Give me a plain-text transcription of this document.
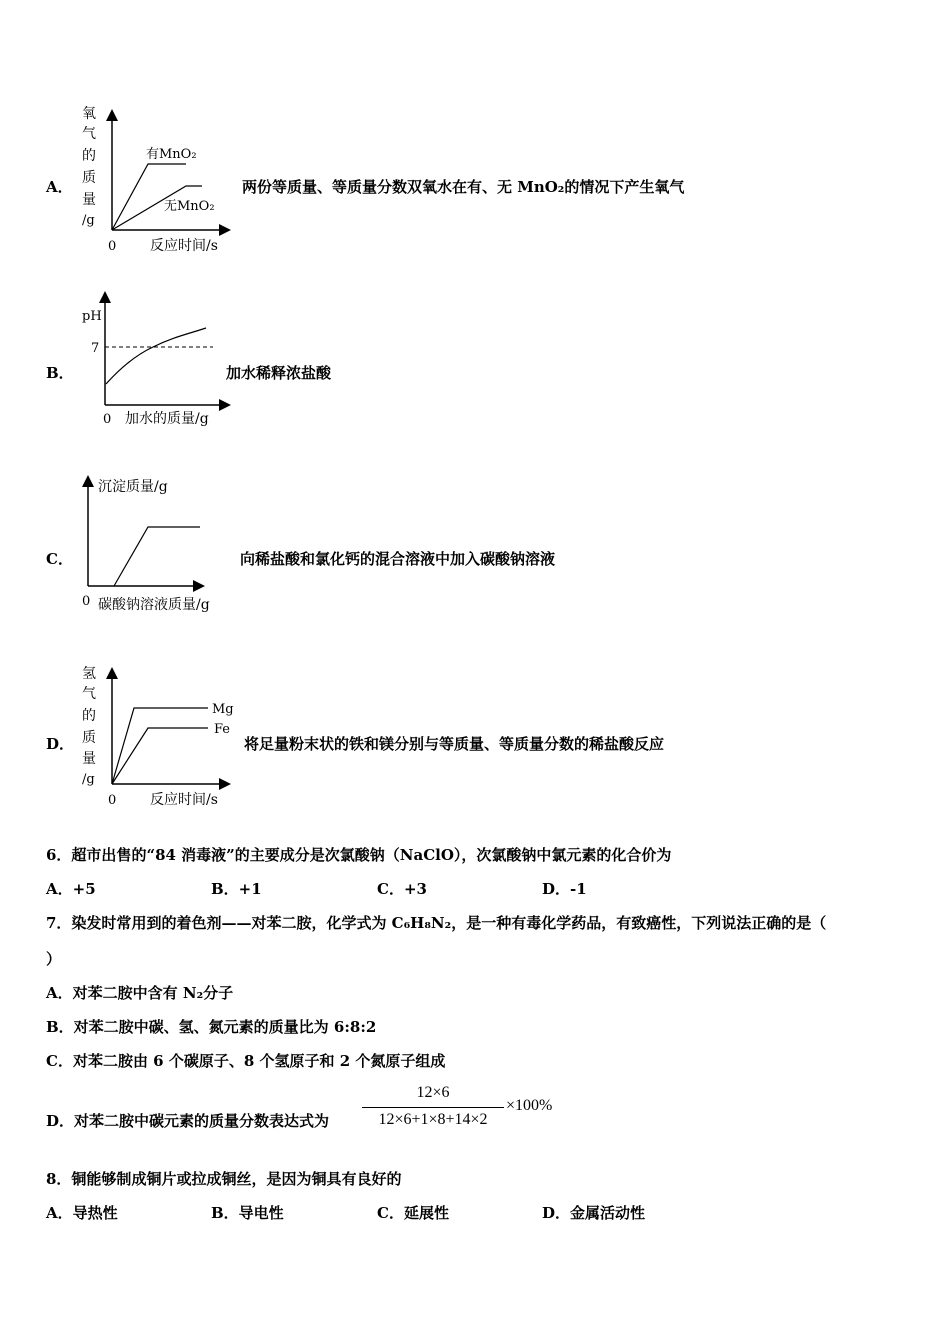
A．
氧
气
的
质
量
/g
0 反应时间/s
有MnO₂
无MnO₂
两份等质量、等质量分数双氧水在有、无 MnO₂的情况下产生氧气
B．
pH
7
0 加水的质量/g
加水稀释浓盐酸
C．
沉淀质量/g
0 碳酸钠溶液质量/g
向稀盐酸和氯化钙的混合溶液中加入碳酸钠溶液
D．
氢
气
的
质
量
/g
0 反应时间/s
Mg
Fe
将足量粉末状的铁和镁分别与等质量、等质量分数的稀盐酸反应
6．超市出售的“84 消毒液”的主要成分是次氯酸钠（NaClO），次氯酸钠中氯元素的化合价为
A．+5	B．+1	C．+3	D．-1
7．染发时常用到的着色剂——对苯二胺，化学式为 C₆H₈N₂，是一种有毒化学药品，有致癌性，下列说法正确的是（
）
A．对苯二胺中含有 N₂分子
B．对苯二胺中碳、氢、氮元素的质量比为 6:8:2
C．对苯二胺由 6 个碳原子、8 个氢原子和 2 个氮原子组成
D．对苯二胺中碳元素的质量分数表达式为
12×6
12×6+1×8+14×2
×100%
8．铜能够制成铜片或拉成铜丝，是因为铜具有良好的
A．导热性	B．导电性	C．延展性	D．金属活动性
